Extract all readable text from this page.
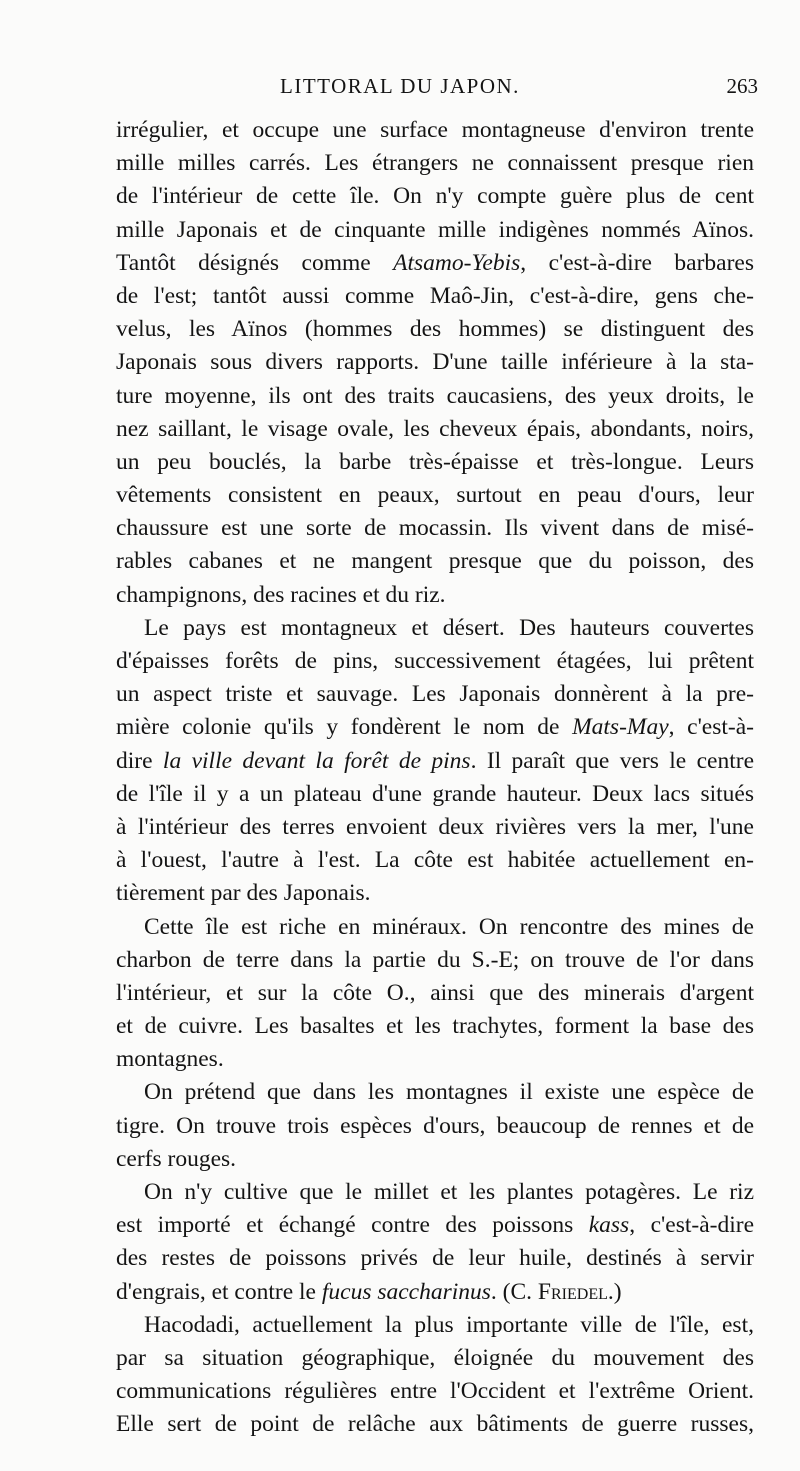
LITTORAL DU JAPON.	263
irrégulier, et occupe une surface montagneuse d'environ trente
mille milles carrés. Les étrangers ne connaissent presque rien
de l'intérieur de cette île. On n'y compte guère plus de cent
mille Japonais et de cinquante mille indigènes nommés Aïnos.
Tantôt désignés comme Atsamo-Yebis, c'est-à-dire barbares
de l'est; tantôt aussi comme Maô-Jin, c'est-à-dire, gens che-
velus, les Aïnos (hommes des hommes) se distinguent des
Japonais sous divers rapports. D'une taille inférieure à la sta-
ture moyenne, ils ont des traits caucasiens, des yeux droits, le
nez saillant, le visage ovale, les cheveux épais, abondants, noirs,
un peu bouclés, la barbe très-épaisse et très-longue. Leurs
vêtements consistent en peaux, surtout en peau d'ours, leur
chaussure est une sorte de mocassin. Ils vivent dans de misé-
rables cabanes et ne mangent presque que du poisson, des
champignons, des racines et du riz.
Le pays est montagneux et désert. Des hauteurs couvertes
d'épaisses forêts de pins, successivement étagées, lui prêtent
un aspect triste et sauvage. Les Japonais donnèrent à la pre-
mière colonie qu'ils y fondèrent le nom de Mats-May, c'est-à-
dire la ville devant la forêt de pins. Il paraît que vers le centre
de l'île il y a un plateau d'une grande hauteur. Deux lacs situés
à l'intérieur des terres envoient deux rivières vers la mer, l'une
à l'ouest, l'autre à l'est. La côte est habitée actuellement en-
tièrement par des Japonais.
Cette île est riche en minéraux. On rencontre des mines de
charbon de terre dans la partie du S.-E; on trouve de l'or dans
l'intérieur, et sur la côte O., ainsi que des minerais d'argent
et de cuivre. Les basaltes et les trachytes, forment la base des
montagnes.
On prétend que dans les montagnes il existe une espèce de
tigre. On trouve trois espèces d'ours, beaucoup de rennes et de
cerfs rouges.
On n'y cultive que le millet et les plantes potagères. Le riz
est importé et échangé contre des poissons kass, c'est-à-dire
des restes de poissons privés de leur huile, destinés à servir
d'engrais, et contre le fucus saccharinus. (C. Friedel.)
Hacodadi, actuellement la plus importante ville de l'île, est,
par sa situation géographique, éloignée du mouvement des
communications régulières entre l'Occident et l'extrême Orient.
Elle sert de point de relâche aux bâtiments de guerre russes,
